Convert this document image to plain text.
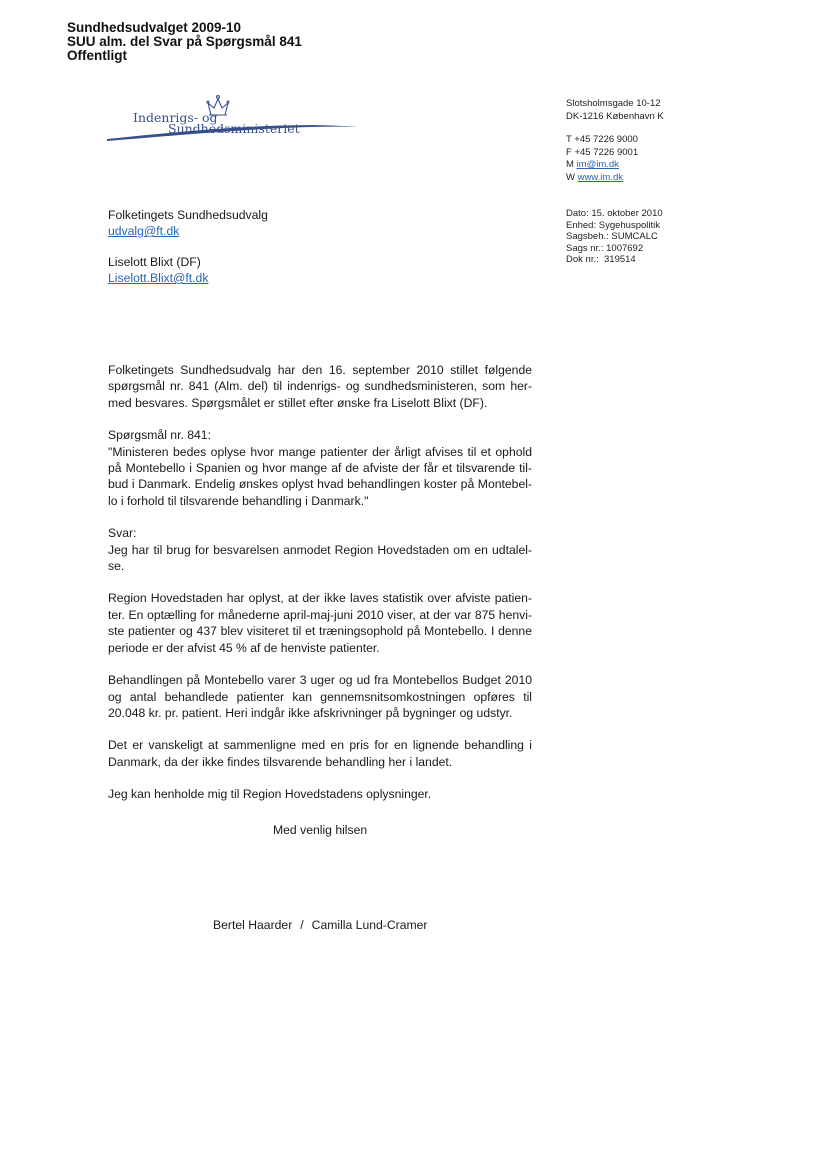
Sundhedsudvalget 2009-10
SUU alm. del Svar på Spørgsmål 841
Offentligt
Indenrigs- og
Sundhedsministeriet
Slotsholmsgade 10-12
DK-1216 København K
T +45 7226 9000
F +45 7226 9001
M im@im.dk
W www.im.dk
Dato: 15. oktober 2010
Enhed: Sygehuspolitik
Sagsbeh.: SUMCALC
Sags nr.: 1007692
Dok nr.:  319514
Folketingets Sundhedsudvalg
udvalg@ft.dk
Liselott Blixt (DF)
Liselott.Blixt@ft.dk

Folketingets Sundhedsudvalg har den 16. september 2010 stillet følgende spørgsmål nr. 841 (Alm. del) til indenrigs- og sundhedsministeren, som hermed besvares. Spørgsmålet er stillet efter ønske fra Liselott Blixt (DF).

Spørgsmål nr. 841:
"Ministeren bedes oplyse hvor mange patienter der årligt afvises til et ophold på Montebello i Spanien og hvor mange af de afviste der får et tilsvarende tilbud i Danmark. Endelig ønskes oplyst hvad behandlingen koster på Montebello i forhold til tilsvarende behandling i Danmark."

Svar:
Jeg har til brug for besvarelsen anmodet Region Hovedstaden om en udtalelse.

Region Hovedstaden har oplyst, at der ikke laves statistik over afviste patienter. En optælling for månederne april-maj-juni 2010 viser, at der var 875 henviste patienter og 437 blev visiteret til et træningsophold på Montebello. I denne periode er der afvist 45 % af de henviste patienter.

Behandlingen på Montebello varer 3 uger og ud fra Montebellos Budget 2010 og antal behandlede patienter kan gennemsnitsomkostningen opføres til 20.048 kr. pr. patient. Heri indgår ikke afskrivninger på bygninger og udstyr.

Det er vanskeligt at sammenligne med en pris for en lignende behandling i Danmark, da der ikke findes tilsvarende behandling her i landet.

Jeg kan henholde mig til Region Hovedstadens oplysninger.

Med venlig hilsen
Bertel Haarder / Camilla Lund-Cramer
